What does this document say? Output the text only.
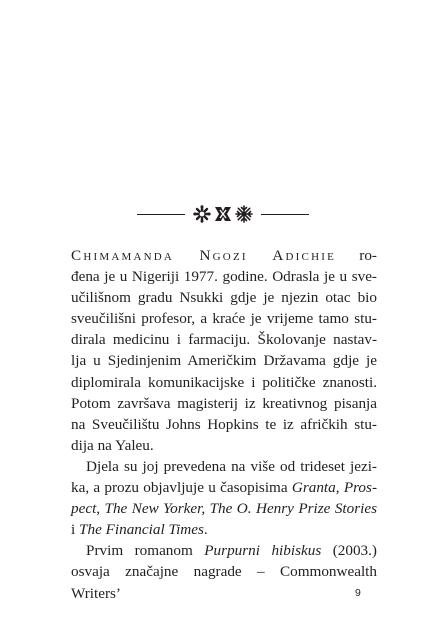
Chimamanda Ngozi Adichie ro-

đena je u Nigeriji 1977. godine. Odrasla je u sve-

učilišnom gradu Nsukki gdje je njezin otac bio

sveučilišni profesor, a kraće je vrijeme tamo stu-

dirala medicinu i farmaciju. Školovanje nastav-

lja u Sjedinjenim Američkim Državama gdje je

diplomirala komunikacijske i političke znanosti.

Potom završava magisterij iz kreativnog pisanja

na Sveučilištu Johns Hopkins te iz afričkih stu-

dija na Yaleu.

Djela su joj prevedena na više od trideset jezi-

ka, a prozu objavljuje u časopisima Granta, Pros-

pect, The New Yorker, The O. Henry Prize Stories

i The Financial Times.

Prvim romanom Purpurni hibiskus (2003.)

osvaja značajne nagrade – Commonwealth Writers’	9
